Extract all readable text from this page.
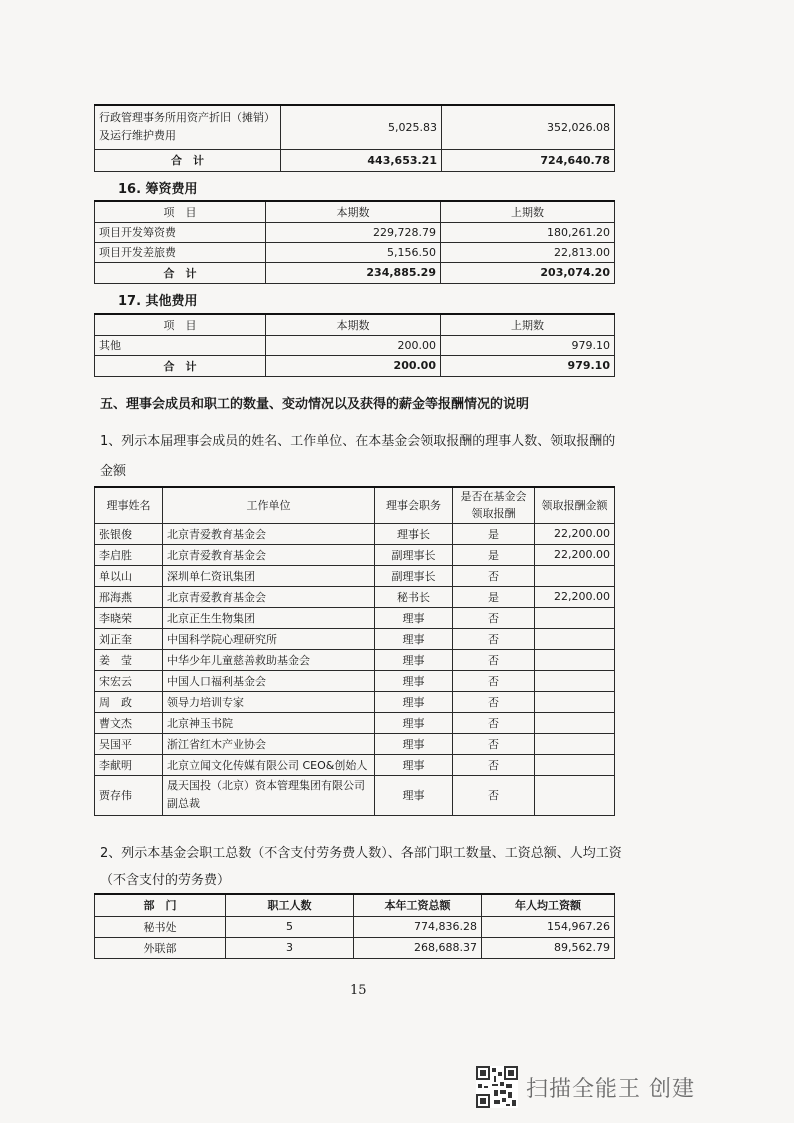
行政管理事务所用资产折旧（摊销）
及运行维护费用	5,025.83	352,026.08
合　计	443,653.21	724,640.78
16. 筹资费用
项　目	本期数	上期数
项目开发筹资费	229,728.79	180,261.20
项目开发差旅费	5,156.50	22,813.00
合　计	234,885.29	203,074.20
17. 其他费用
项　目	本期数	上期数
其他	200.00	979.10
合　计	200.00	979.10
五、理事会成员和职工的数量、变动情况以及获得的薪金等报酬情况的说明
1、列示本届理事会成员的姓名、工作单位、在本基金会领取报酬的理事人数、领取报酬的
金额
理事姓名	工作单位	理事会职务	是否在基金会
领取报酬	领取报酬金额
张银俊	北京青爱教育基金会	理事长	是	22,200.00
李启胜	北京青爱教育基金会	副理事长	是	22,200.00
单以山	深圳单仁资讯集团	副理事长	否	
邢海燕	北京青爱教育基金会	秘书长	是	22,200.00
李晓荣	北京正生生物集团	理事	否	
刘正奎	中国科学院心理研究所	理事	否	
姜　莹	中华少年儿童慈善救助基金会	理事	否	
宋宏云	中国人口福利基金会	理事	否	
周　政	领导力培训专家	理事	否	
曹文杰	北京神玉书院	理事	否	
吴国平	浙江省红木产业协会	理事	否	
李献明	北京立闻文化传媒有限公司 CEO&创始人	理事	否	
贾存伟	晟天国投（北京）资本管理集团有限公司
副总裁	理事	否	
2、列示本基金会职工总数（不含支付劳务费人数）、各部门职工数量、工资总额、人均工资
（不含支付的劳务费）
部　门	职工人数	本年工资总额	年人均工资额
秘书处	5	774,836.28	154,967.26
外联部	3	268,688.37	89,562.79
15
扫描全能王 创建
